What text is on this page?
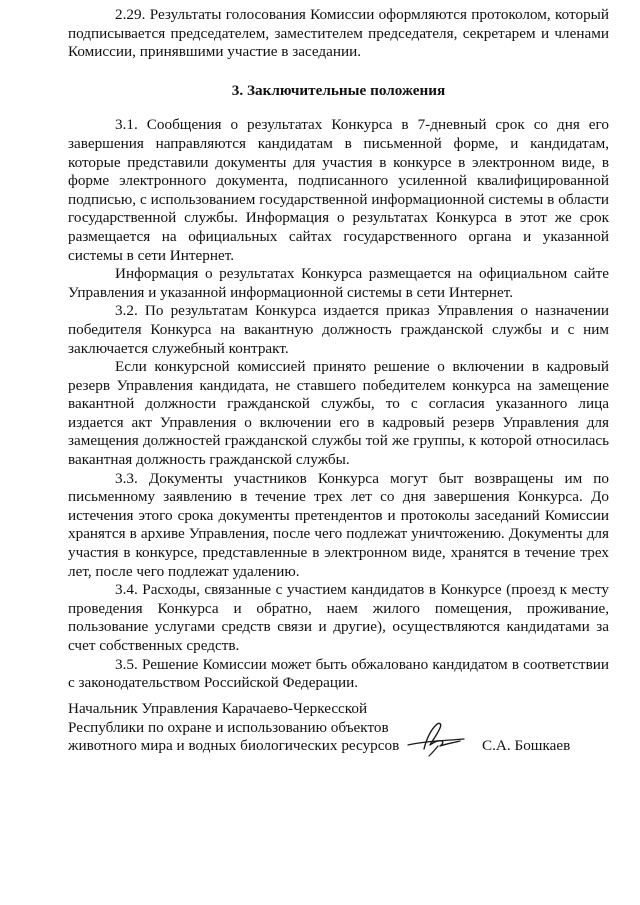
2.29. Результаты голосования Комиссии оформляются протоколом, который подписывается председателем, заместителем председателя, секретарем и членами Комиссии, принявшими участие в заседании.

3. Заключительные положения

3.1. Сообщения о результатах Конкурса в 7-дневный срок со дня его завершения направляются кандидатам в письменной форме, и кандидатам, которые представили документы для участия в конкурсе в электронном виде, в форме электронного документа, подписанного усиленной квалифицированной подписью, с использованием государственной информационной системы в области государственной службы. Информация о результатах Конкурса в этот же срок размещается на официальных сайтах государственного органа и указанной системы в сети Интернет.

Информация о результатах Конкурса размещается на официальном сайте Управления и указанной информационной системы в сети Интернет.

3.2. По результатам Конкурса издается приказ Управления о назначении победителя Конкурса на вакантную должность гражданской службы и с ним заключается служебный контракт.

Если конкурсной комиссией принято решение о включении в кадровый резерв Управления кандидата, не ставшего победителем конкурса на замещение вакантной должности гражданской службы, то с согласия указанного лица издается акт Управления о включении его в кадровый резерв Управления для замещения должностей гражданской службы той же группы, к которой относилась вакантная должность гражданской службы.

3.3. Документы участников Конкурса могут быт возвращены им по письменному заявлению в течение трех лет со дня завершения Конкурса. До истечения этого срока документы претендентов и протоколы заседаний Комиссии хранятся в архиве Управления, после чего подлежат уничтожению. Документы для участия в конкурсе, представленные в электронном виде, хранятся в течение трех лет, после чего подлежат удалению.

3.4. Расходы, связанные с участием кандидатов в Конкурсе (проезд к месту проведения Конкурса и обратно, наем жилого помещения, проживание, пользование услугами средств связи и другие), осуществляются кандидатами за счет собственных средств.

3.5. Решение Комиссии может быть обжаловано кандидатом в соответствии с законодательством Российской Федерации.

Начальник Управления Карачаево-Черкесской

Республики по охране и использованию объектов

животного мира и водных биологических ресурсов	С.А. Бошкаев
